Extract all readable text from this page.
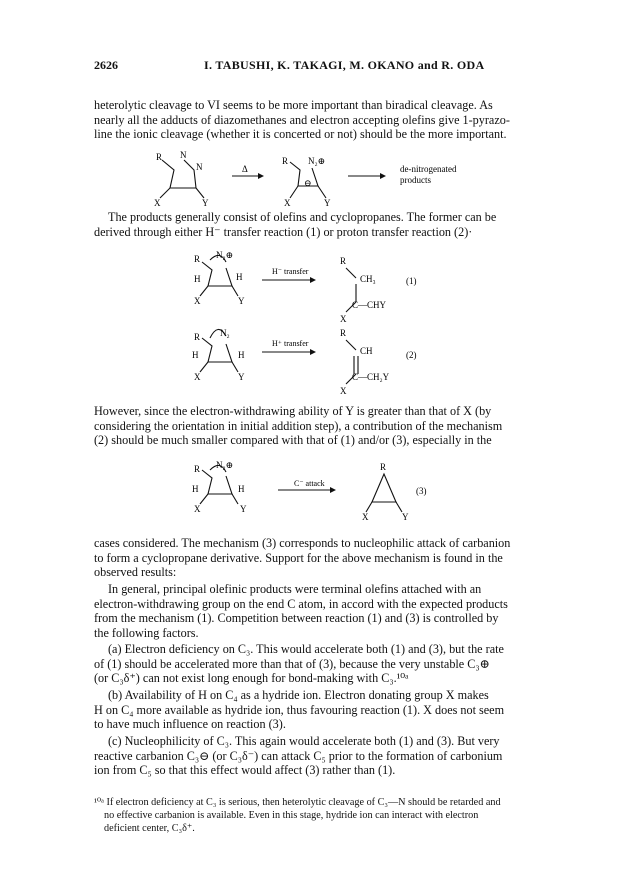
2626	I. TABUSHI, K. TAKAGI, M. OKANO and R. ODA
heterolytic cleavage to VI seems to be more important than biradical cleavage. As
nearly all the adducts of diazomethanes and electron accepting olefins give 1-pyrazo-
line the ionic cleavage (whether it is concerted or not) should be the more important.
R N
N
X	Y
Δ
R N₂⊕
⊖
X	Y
de-nitrogenated
products
The products generally consist of olefins and cyclopropanes. The former can be
derived through either H⁻ transfer reaction (1) or proton transfer reaction (2)·
R N₂⊕
H	H
X	Y
H⁻ transfer
R
CH₃
C—CHY
X
(1)
R N₂
H	H
X	Y
H⁺ transfer
R
CH
C—CH₂Y
X
(2)
However, since the electron-withdrawing ability of Y is greater than that of X (by
considering the orientation in initial addition step), a contribution of the mechanism
(2) should be much smaller compared with that of (1) and/or (3), especially in the
R N₂⊕
H	H
X	Y
C⁻ attack
R
X	Y
(3)
cases considered. The mechanism (3) corresponds to nucleophilic attack of carbanion
to form a cyclopropane derivative. Support for the above mechanism is found in the
observed results:
In general, principal olefinic products were terminal olefins attached with an
electron-withdrawing group on the end C atom, in accord with the expected products
from the mechanism (1). Competition between reaction (1) and (3) is controlled by
the following factors.
(a) Electron deficiency on C₃. This would accelerate both (1) and (3), but the rate
of (1) should be accelerated more than that of (3), because the very unstable C₃⊕
(or C₃δ⁺) can not exist long enough for bond-making with C₃.¹⁰ᵃ
(b) Availability of H on C₄ as a hydride ion. Electron donating group X makes
H on C₄ more available as hydride ion, thus favouring reaction (1). X does not seem
to have much influence on reaction (3).
(c) Nucleophilicity of C₃. This again would accelerate both (1) and (3). But very
reactive carbanion C₃⊖ (or C₃δ⁻) can attack C₅ prior to the formation of carbonium
ion from C₅ so that this effect would affect (3) rather than (1).
¹⁰ᵃ If electron deficiency at C₃ is serious, then heterolytic cleavage of C₃—N should be retarded and
no effective carbanion is available. Even in this stage, hydride ion can interact with electron
deficient center, C₃δ⁺.
